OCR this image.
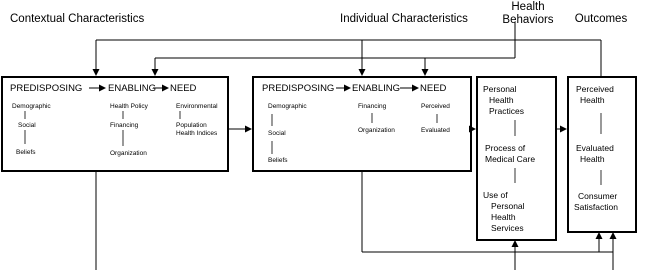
Contextual Characteristics	Individual Characteristics
Health
Behaviors Outcomes
PREDISPOSING	ENABLING NEED
Demographic
Social
Beliefs
Health Policy
Financing
Organization
Environmental
Population
Health Indices
PREDISPOSING ENABLING NEED
Demographic
Social
Beliefs
Financing
Organization
Perceived
Evaluated
Personal
Health
Practices
Process of
Medical Care
Use of
Personal
Health
Services
Perceived
Health
Evaluated
Health
Consumer
Satisfaction
